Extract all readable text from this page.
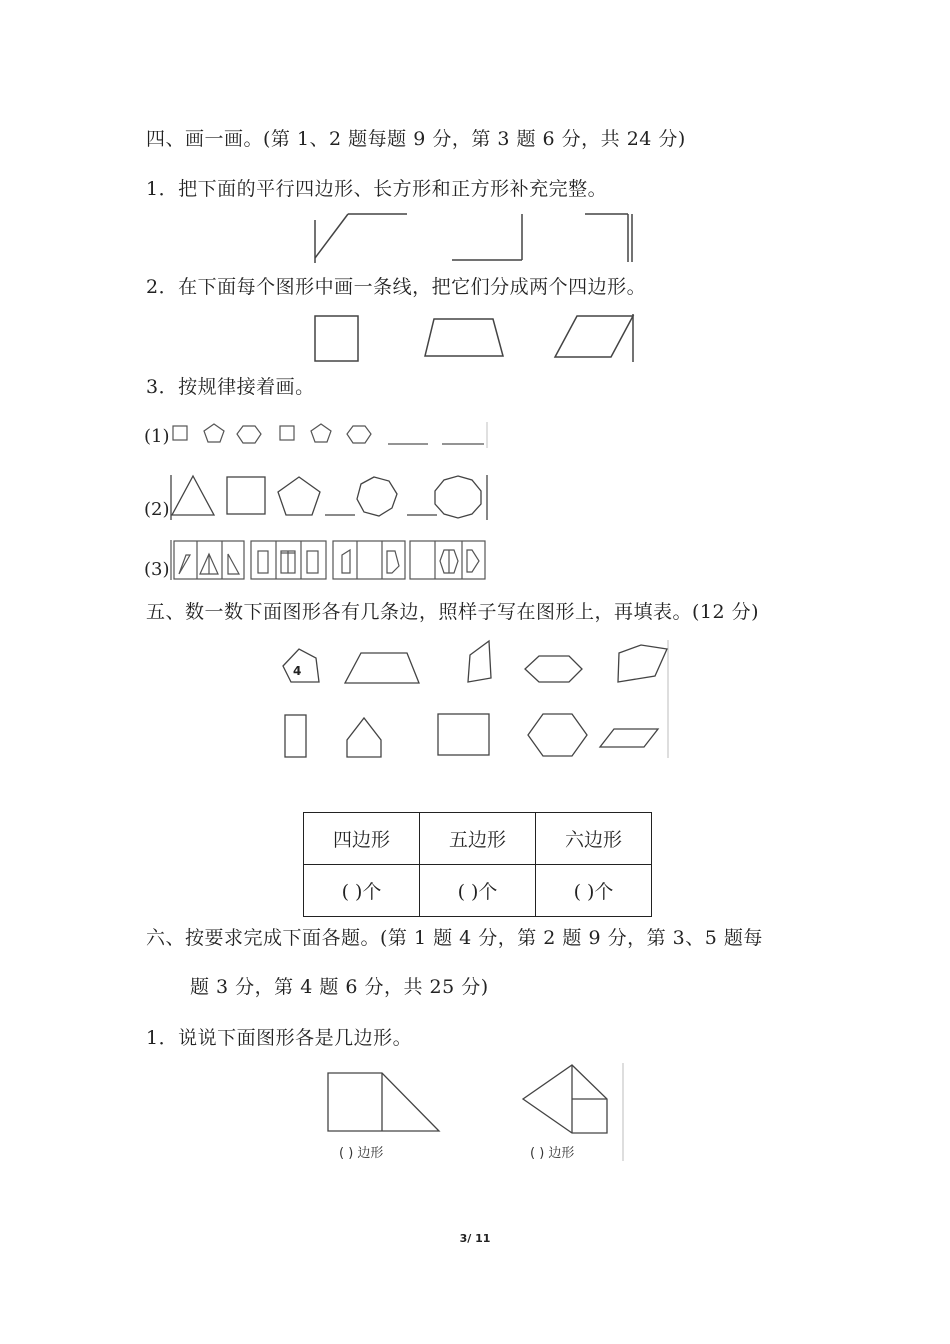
四、画一画。(第 1、2 题每题 9 分，第 3 题 6 分，共 24 分)
1．把下面的平行四边形、长方形和正方形补充完整。
2．在下面每个图形中画一条线，把它们分成两个四边形。
3．按规律接着画。
(1)
(2)
(3)
五、数一数下面图形各有几条边，照样子写在图形上，再填表。(12 分)
4
四边形	五边形	六边形
( )个	( )个	( )个
六、按要求完成下面各题。(第 1 题 4 分，第 2 题 9 分，第 3、5 题每
题 3 分，第 4 题 6 分，共 25 分)
1．说说下面图形各是几边形。
( ) 边形	( ) 边形
3/ 11
